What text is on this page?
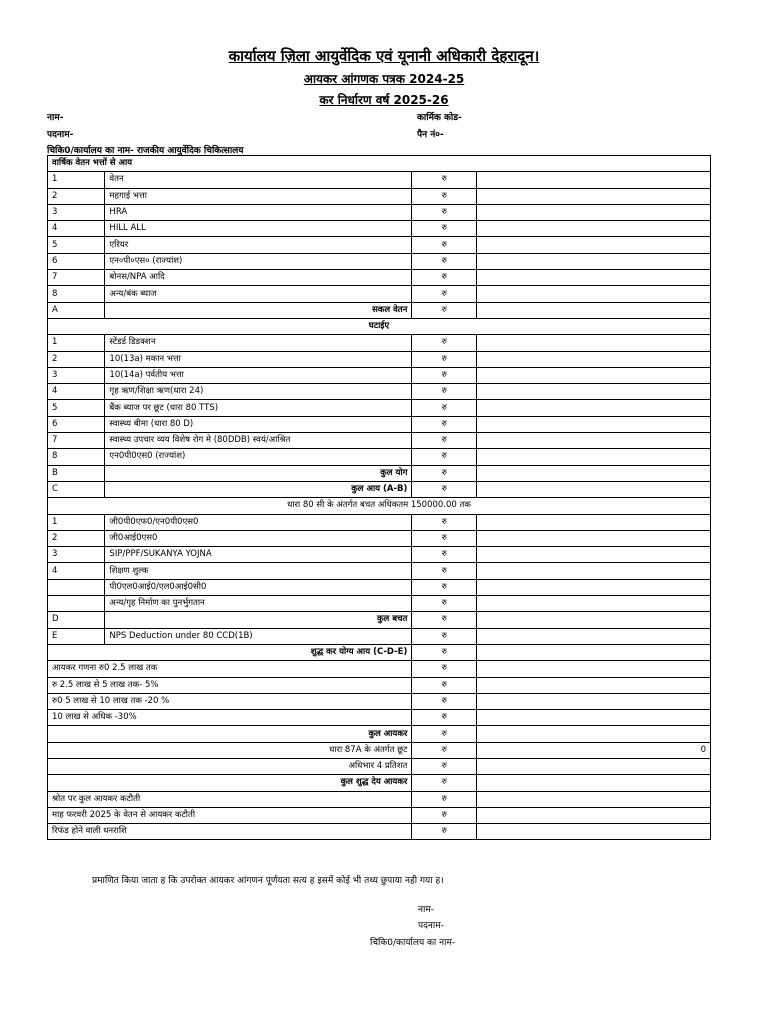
कार्यालय ज़िला आयुर्वेदिक एवं यूनानी अधिकारी देहरादून।
आयकर आंगणक पत्रक 2024-25
कर निर्धारण वर्ष 2025-26
नाम-
पदनाम-
कार्मिक कोड-
पैन नं०-
चिकि0/कार्यालय का नाम- राजकीय आयुर्वेदिक चिकित्सालय
वार्षिक वेतन भत्तों से आय			
1	वेतन	रु	
2	महगाई भत्ता	रु	
3	HRA	रु	
4	HILL ALL	रु	
5	एरियर	रु	
6	एन०पी०एस० (राज्यांश)	रु	
7	बोनस/NPA आदि	रु	
8	अन्य/बंक ब्याज	रु	
A	सकल वेतन	रु	
घटाईए			
1	स्टेंडर्ड डिडक्शन	रु	
2	10(13a) मकान भत्ता	रु	
3	10(14a) पर्वतीय भत्ता	रु	
4	गृह ऋण/शिक्षा ऋण(धारा 24)	रु	
5	बैंक ब्याज पर छूट (धारा 80 TTS)	रु	
6	स्वास्थ्य बीमा (धारा 80 D)	रु	
7	स्वास्थ्य उपचार व्यय विशेष रोग मे (80DDB) स्वयं/आश्रित	रु	
8	एन0पी0एस0 (राज्यांश)	रु	
B	कुल योग	रु	
C	कुल आय (A-B)	रु	
धारा 80 सी के अंतर्गत बचत अधिकतम 150000.00 तक			
1	जी0पी0एफ0/एन0पी0एस0	रु	
2	जी0आई0एस0	रु	
3	SIP/PPF/SUKANYA YOJNA	रु	
4	शिक्षण शुल्क	रु	
	पी0एल0आई0/एल0आई0सी0	रु	
	अन्य/गृह निर्माण का पुनर्भुगतान	रु	
D	कुल बचत	रु	
E	NPS Deduction under 80 CCD(1B)	रु	
शुद्ध कर योग्य आय (C-D-E)		रु	
आयकर गणना रु0 2.5 लाख तक		रु	
रु 2.5 लाख से 5 लाख तक- 5%		रु	
रु0 5 लाख से 10 लाख तक -20 %		रु	
10 लाख से अधिक -30%		रु	
कुल आयकर		रु	
धारा 87A के अंतर्गत छूट		रु	0
अधिभार 4 प्रतिशत		रु	
कुल शुद्ध देय आयकर		रु	
श्रोत पर कुल आयकर कटौती		रु	
माह फरवरी 2025 के वेतन से आयकर कटौती		रु	
रिफंड होने वाली धनराशि		रु	
प्रमाणित किया जाता ह कि उपरोक्त आयकर आंगणन पूर्णयता सत्य ह इसमें कोई भी तथ्य छुपाया नही गया ह।
नाम-
पदनाम-
चिकि0/कार्यालय का नाम-
